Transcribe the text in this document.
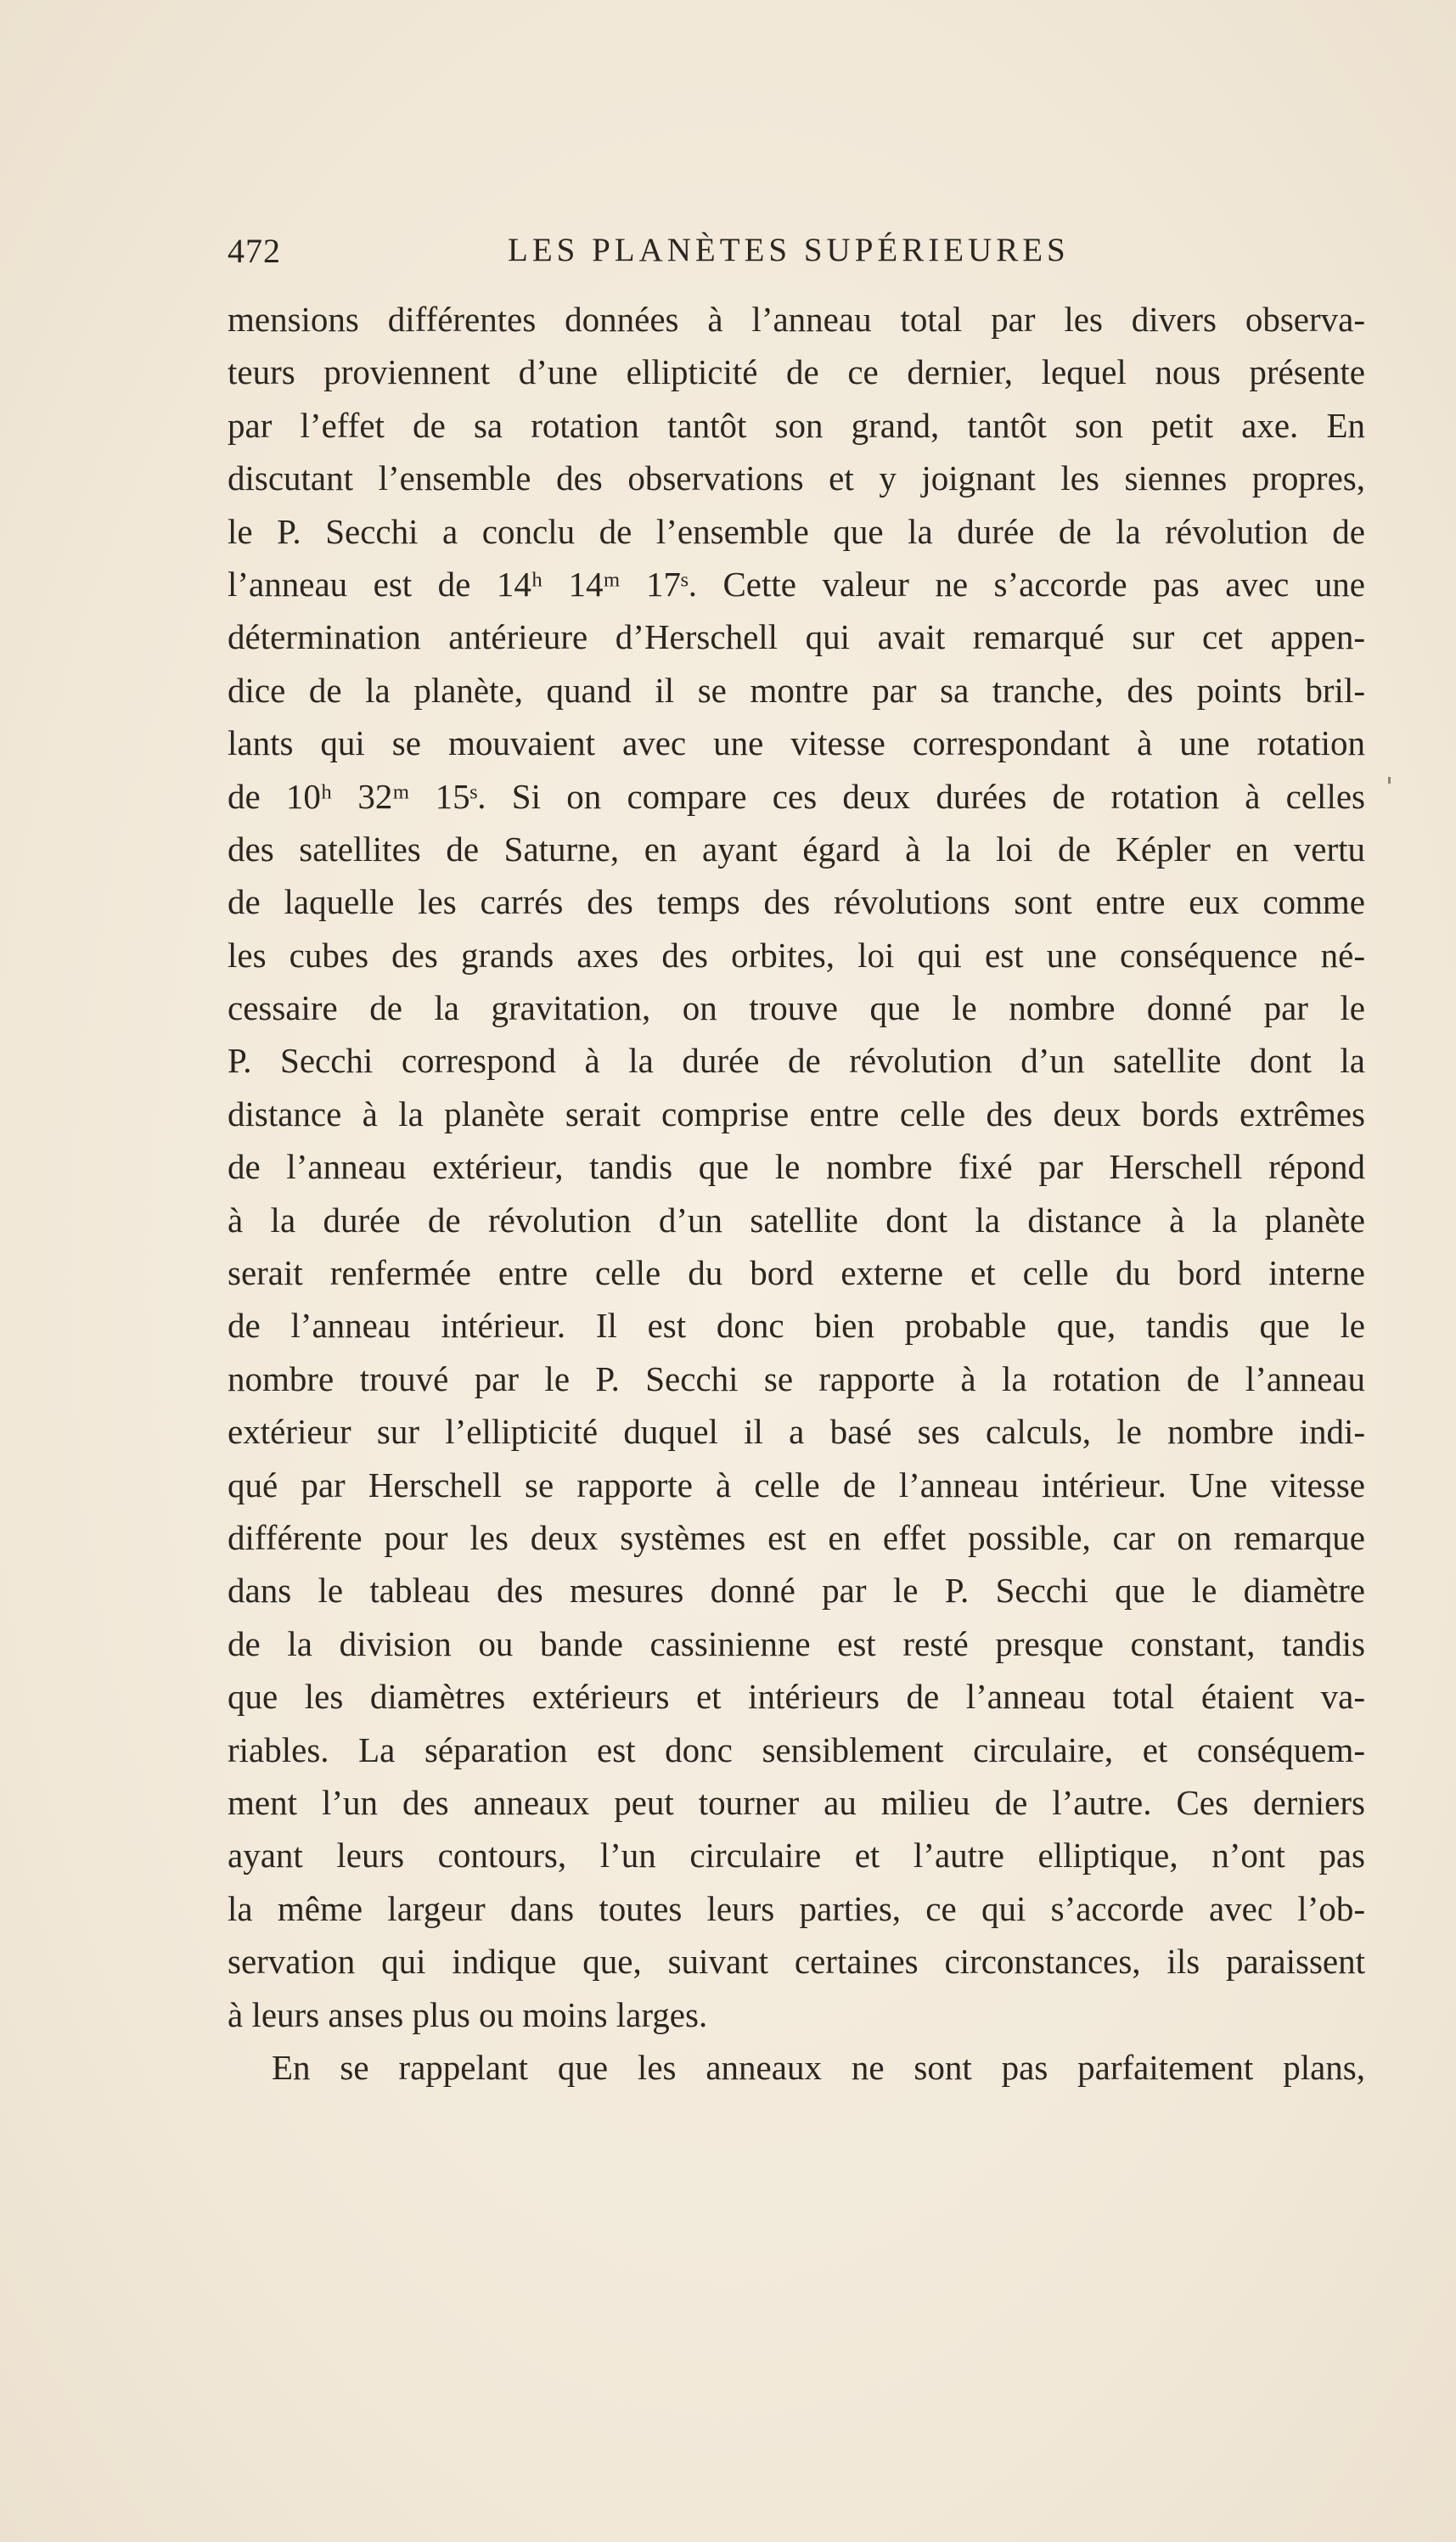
472	LES PLANÈTES SUPÉRIEURES
mensions différentes données à l’anneau total par les divers observa-
teurs proviennent d’une ellipticité de ce dernier, lequel nous présente
par l’effet de sa rotation tantôt son grand, tantôt son petit axe. En
discutant l’ensemble des observations et y joignant les siennes propres,
le P. Secchi a conclu de l’ensemble que la durée de la révolution de
l’anneau est de 14ʰ 14ᵐ 17ˢ. Cette valeur ne s’accorde pas avec une
détermination antérieure d’Herschell qui avait remarqué sur cet appen-
dice de la planète, quand il se montre par sa tranche, des points bril-
lants qui se mouvaient avec une vitesse correspondant à une rotation
de 10ʰ 32ᵐ 15ˢ. Si on compare ces deux durées de rotation à celles
des satellites de Saturne, en ayant égard à la loi de Képler en vertu
de laquelle les carrés des temps des révolutions sont entre eux comme
les cubes des grands axes des orbites, loi qui est une conséquence né-
cessaire de la gravitation, on trouve que le nombre donné par le
P. Secchi correspond à la durée de révolution d’un satellite dont la
distance à la planète serait comprise entre celle des deux bords extrêmes
de l’anneau extérieur, tandis que le nombre fixé par Herschell répond
à la durée de révolution d’un satellite dont la distance à la planète
serait renfermée entre celle du bord externe et celle du bord interne
de l’anneau intérieur. Il est donc bien probable que, tandis que le
nombre trouvé par le P. Secchi se rapporte à la rotation de l’anneau
extérieur sur l’ellipticité duquel il a basé ses calculs, le nombre indi-
qué par Herschell se rapporte à celle de l’anneau intérieur. Une vitesse
différente pour les deux systèmes est en effet possible, car on remarque
dans le tableau des mesures donné par le P. Secchi que le diamètre
de la division ou bande cassinienne est resté presque constant, tandis
que les diamètres extérieurs et intérieurs de l’anneau total étaient va-
riables. La séparation est donc sensiblement circulaire, et conséquem-
ment l’un des anneaux peut tourner au milieu de l’autre. Ces derniers
ayant leurs contours, l’un circulaire et l’autre elliptique, n’ont pas
la même largeur dans toutes leurs parties, ce qui s’accorde avec l’ob-
servation qui indique que, suivant certaines circonstances, ils paraissent
à leurs anses plus ou moins larges.
En se rappelant que les anneaux ne sont pas parfaitement plans,
